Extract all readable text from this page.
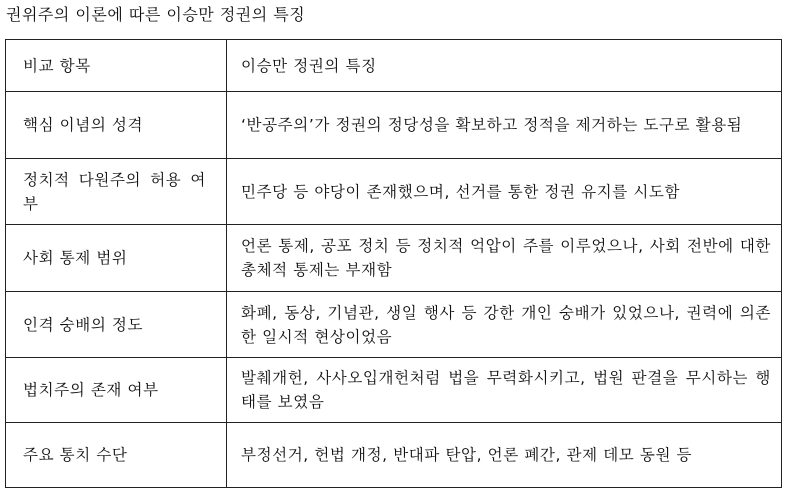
권위주의 이론에 따른 이승만 정권의 특징
비교 항목	이승만 정권의 특징
핵심 이념의 성격	‘반공주의’가 정권의 정당성을 확보하고 정적을 제거하는 도구로 활용됨
정치적 다원주의 허용 여부	민주당 등 야당이 존재했으며, 선거를 통한 정권 유지를 시도함
사회 통제 범위	언론 통제, 공포 정치 등 정치적 억압이 주를 이루었으나, 사회 전반에 대한 총체적 통제는 부재함
인격 숭배의 정도	화폐, 동상, 기념관, 생일 행사 등 강한 개인 숭배가 있었으나, 권력에 의존한 일시적 현상이었음
법치주의 존재 여부	발췌개헌, 사사오입개헌처럼 법을 무력화시키고, 법원 판결을 무시하는 행태를 보였음
주요 통치 수단	부정선거, 헌법 개정, 반대파 탄압, 언론 폐간, 관제 데모 동원 등
